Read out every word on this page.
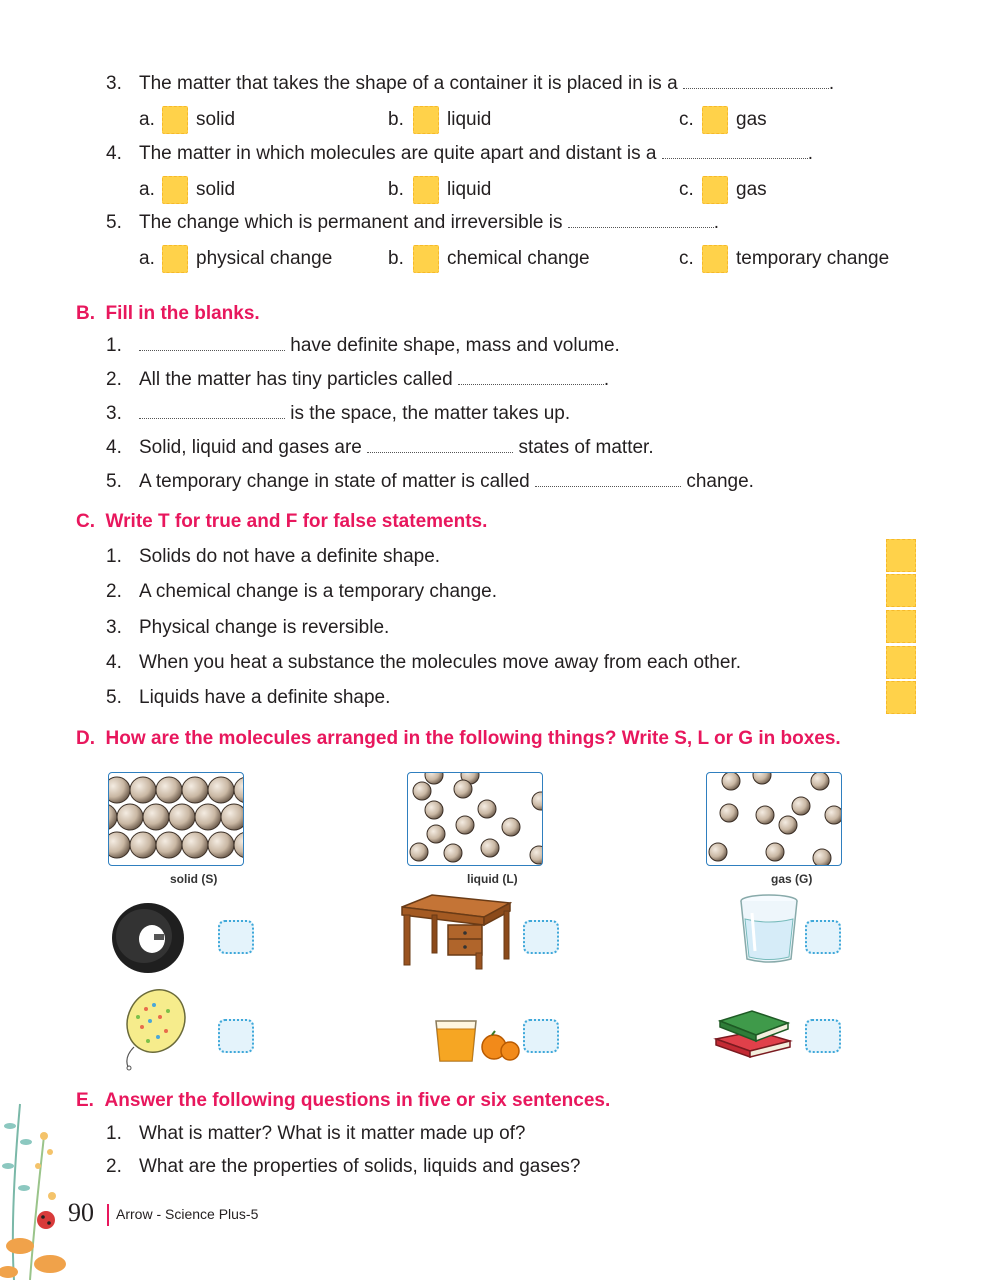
3. The matter that takes the shape of a container it is placed in is a	.
a. solid	b. liquid	c. gas
4. The matter in which molecules are quite apart and distant is a	.
a. solid	b. liquid	c. gas
5. The change which is permanent and irreversible is	.
a. physical change	b. chemical change	c. temporary change
B.  Fill in the blanks.
1.	have definite shape, mass and volume.
2. All the matter has tiny particles called	.
3.	is the space, the matter takes up.
4. Solid, liquid and gases are	states of matter.
5. A temporary change in state of matter is called	change.
C.  Write T for true and F for false statements.
1. Solids do not have a definite shape.
2. A chemical change is a temporary change.
3. Physical change is reversible.
4. When you heat a substance the molecules move away from each other.
5. Liquids have a definite shape.
D.  How are the molecules arranged in the following things? Write S, L or G in boxes.
solid (S)	liquid (L)	gas (G)
E.  Answer the following questions in five or six sentences.
1. What is matter? What is it matter made up of?
2. What are the properties of solids, liquids and gases?
90 Arrow - Science Plus-5
